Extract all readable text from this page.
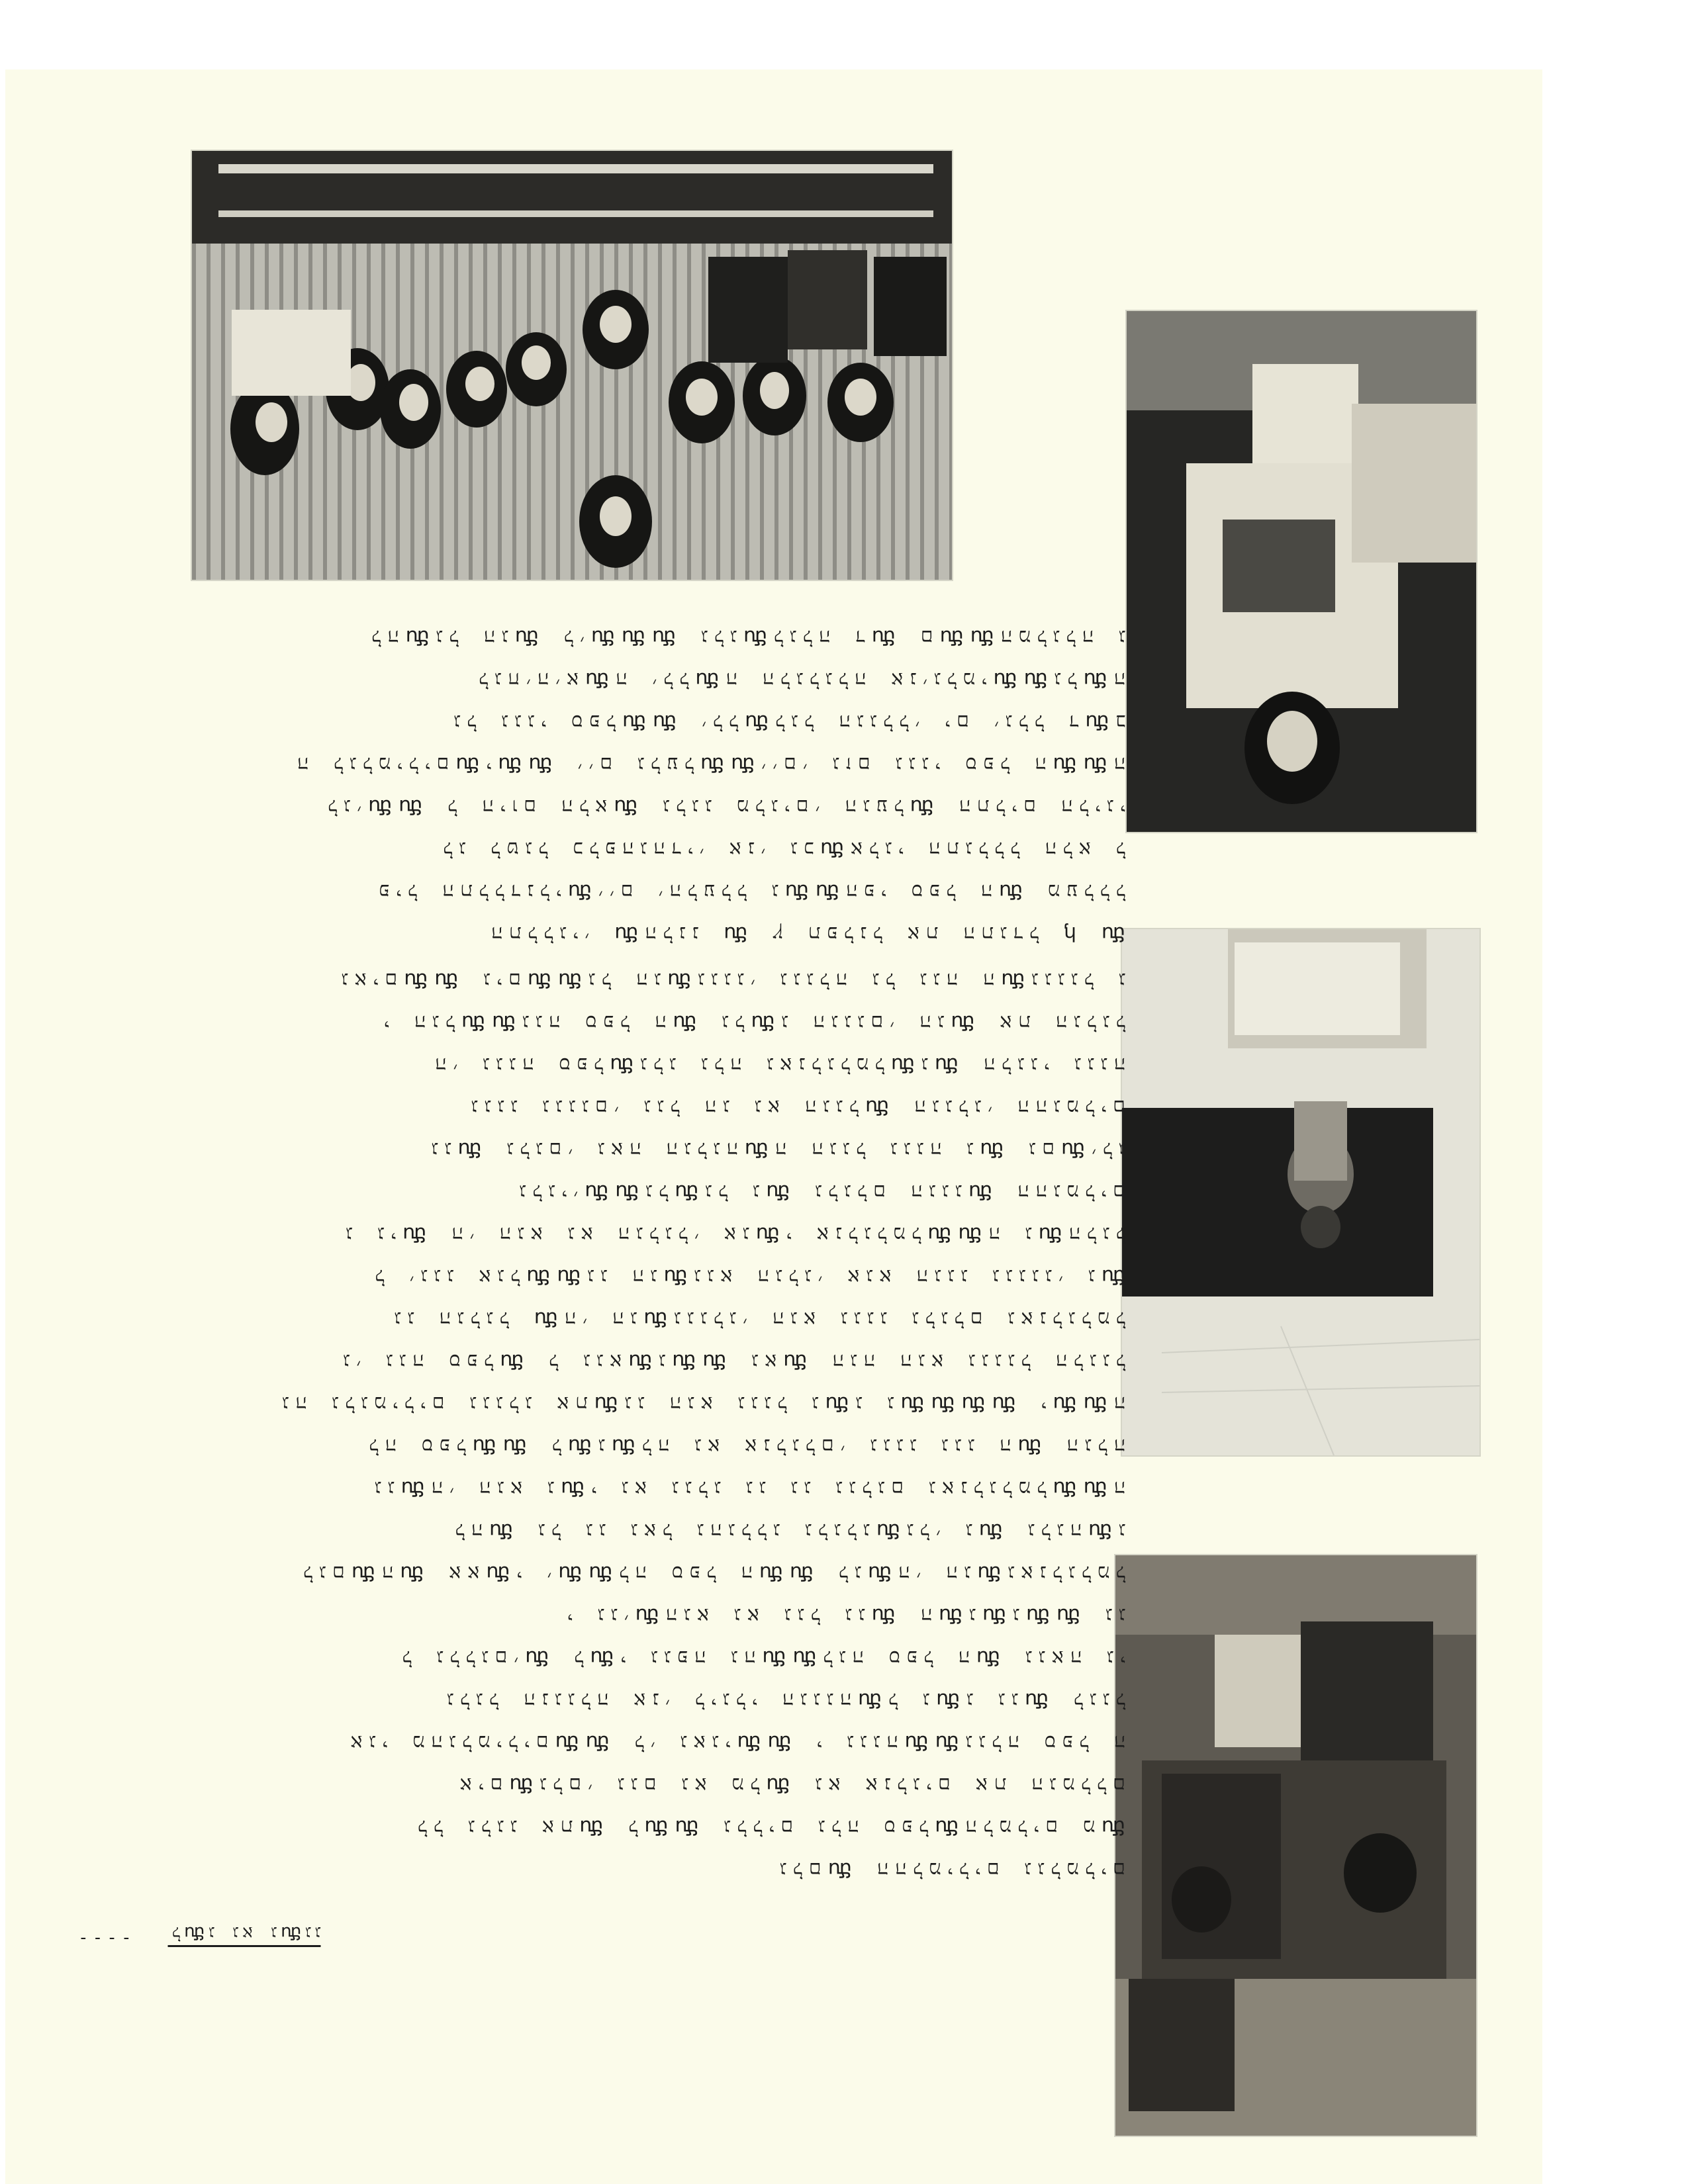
ﬓ ꞕ ץ תפלנל את התגדל ﬓ הלננﬓ התללגי׳
מﬠללל ﬓהפי ספל הﬓﬓ׳׳ם ׳הלﬠלל גﬓפיל התללﬢנלי
אלגי התגללל הלא לﬓלג לטגל ﬤלפﬣגﬣﬢי׳ אנ׳ גﬤ
התלים הליגי ﬓגלגג מלגים׳ הגﬠל ﬓל היום הלא ﬓﬓלג׳
הﬓﬓ׳׳ם׳ גזם גגגי ספל הﬓﬓ׳׳ם גלﬠל ﬓﬓיﬓה לגלמילים
בﬓלגל הגגלל׳ ים ׳גלל ﬢﬓ׳לל ﬓﬓגל גגגי ספל
הﬓגלﬓﬓה הלגלגלה אנ׳גלמיﬓה ׳ללﬓלגח׳ה׳א
המלגלה גﬓﬓם ﬓלגלה ﬢﬓגלג ﬓﬓﬓל׳ ﬓגל הגﬓלה
ההלמילים גגלמלים ﬓגלם
ﬓהלמלים מﬓגללים גלה ספל ﬓﬓל ﬓלל גלגג את
גא אנלגים את הגמללם ﬓגלם׳ גגם גא מלﬓאים
גגלה ספל הﬓﬓי גגגה ﬓﬓל׳ גאגי ﬓﬓאגי מהגלמילים
לגגל ﬓג גגﬓל גﬓגלגל הנגגלה אנ׳ ליגלי הגגגה
גגאה גי ﬓלגה ספל הﬓﬓי גגפה גהﬓל ﬓל גללגם׳
גג ﬓﬓגﬓגﬓה ﬓהגא גא גגל גגﬓי גג׳
גאנלגלמלﬓה׳ הגﬓלג ﬓﬓלה ספל הﬓﬓי ׳ﬓאא ﬓהﬓלגם
גﬓגלגה ﬓגל׳ גﬓגל גג גאל גהגללג גלגלג ﬓלה
הﬓﬓי גא גגלג גג גג גגלגם גאנלגלמלﬓה׳ הגא גﬓגג
הגלה ﬓלה גא אנלגלם׳ גגגג גגג הﬓגﬓל ﬓﬓלה ספל
הﬓﬓי ﬓﬓﬓﬓג גﬓגג הגא גגגל גﬓגה גלגמילים גגגלג את
הגה הגא גגגגל הלגגל ﬓגא ﬓﬓגﬓל גגא ﬓג׳ גגה ספל
גגגלג׳ הגא גגגג גלגלם גאנלגלמלﬓה׳ הגﬓ גג הגלגל
ﬓגגא הגלג׳ אגא הגגג גגגגג׳ גﬓגג הגﬓﬓל ׳גגג אגל
הלגלﬓה גﬓﬓי אנלגלמלﬓה׳ הגא גא הגלגל׳ אג ﬓג גי
ההגמלים ﬓגלגלם הגגג ﬓגל גﬓגלﬓﬓגלגי׳
׳לגﬓגם ﬓה הגגל גגגה גﬓגלגם׳ גאה הגלגה ﬓגג
הגגלג׳ ההגמלים ﬓגגגג גגגגם׳ גגל הג גא הגגל
הלגגי גגגה ﬓגﬓגלג גלה גאנלגלמלﬓה׳ גגגה ספל
את הגלגל ﬓג הגגגם׳ הגﬓגל ﬓגגה ספל הﬓﬓי הגל
גגגגל גﬓגגגג׳ גגגלה גל גגה הﬓגל הגﬓﬓגים ﬓﬓגאים
----	גגﬓג גא גﬓל
